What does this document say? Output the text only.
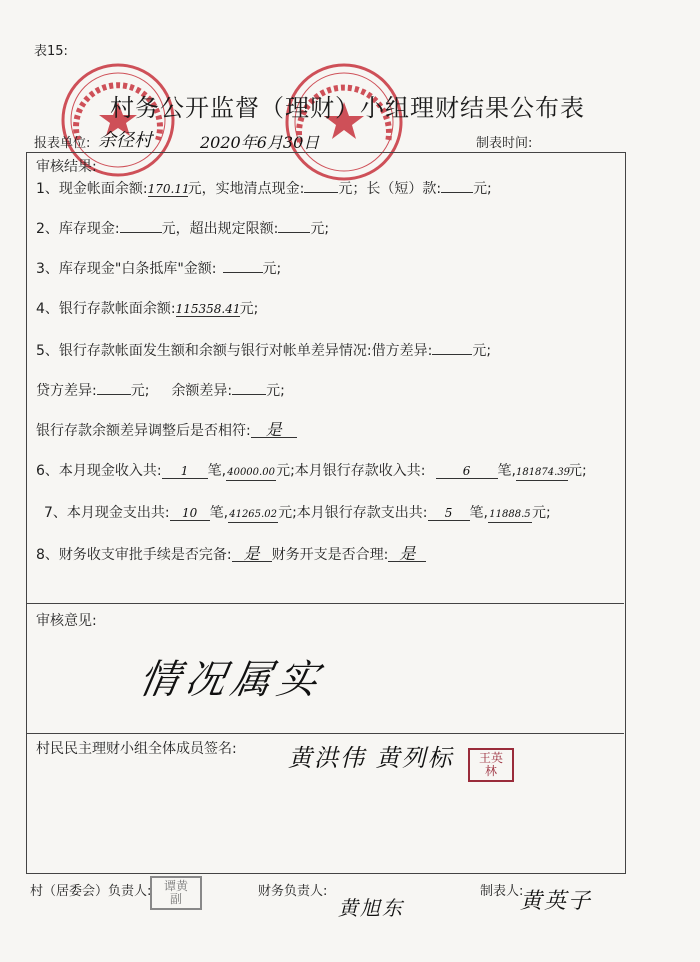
表15:
村务公开监督（理财）小组理财结果公布表
报表单位: 余径村	2020年6月30日	制表时间:
审核结果:
1、现金帐面余额:170.11元，实地清点现金: 元；长（短）款: 元;
2、库存现金:	元，超出规定限额: 元;
3、库存现金"白条抵库"金额:	元;
4、银行存款帐面余额:115358.41元;
5、银行存款帐面发生额和余额与银行对帐单差异情况:借方差异:	元;
贷方差异: 元; 余额差异: 元;
银行存款余额差异调整后是否相符: 是
6、本月现金收入共: 1 笔,40000.00元;本月银行存款收入共:	6 笔,181874.39元;
7、本月现金支出共: 10 笔,41265.02元;本月银行存款支出共: 5 笔,11888.5元;
8、财务收支审批手续是否完备: 是 财务开支是否合理: 是
审核意见:
情况属实
村民民主理财小组全体成员签名: 黄洪伟 黄列标	王英
林
村（居委会）负责人:	谭黄
副	财务负责人:
黄旭东
制表人:
黄英子
